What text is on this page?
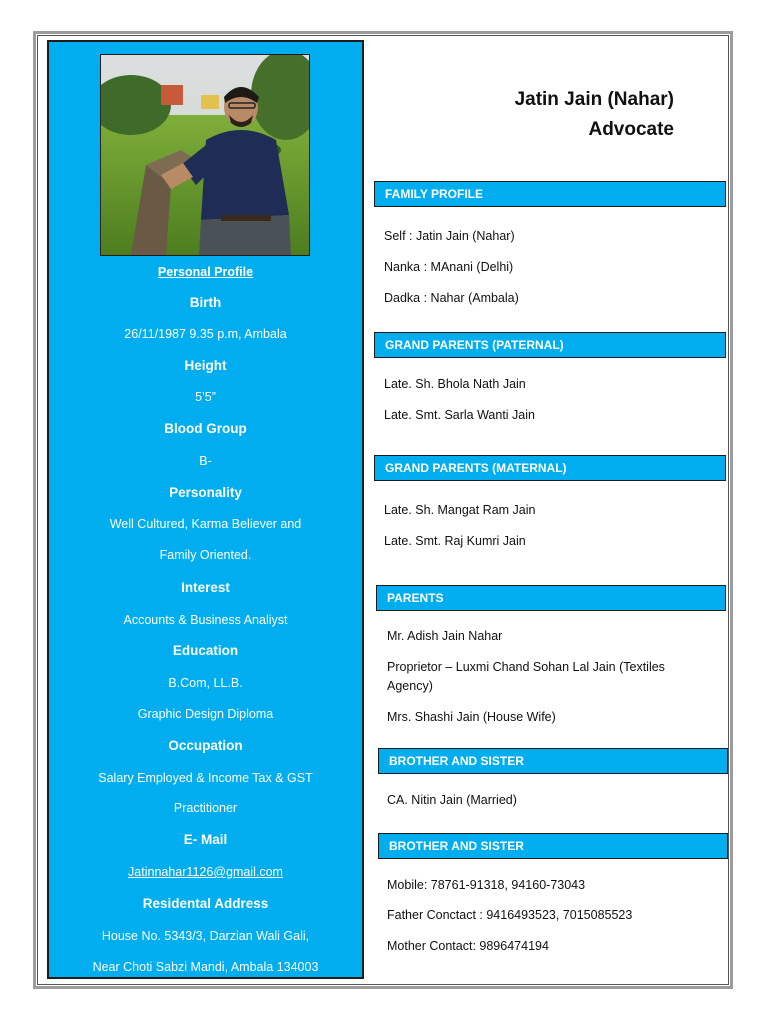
Personal Profile
Birth
26/11/1987 9.35 p.m, Ambala
Height
5’5”
Blood Group
B-
Personality
Well Cultured, Karma Believer and
Family Oriented.
Interest
Accounts & Business Analiyst
Education
B.Com, LL.B.
Graphic Design Diploma
Occupation
Salary Employed & Income Tax & GST
Practitioner
E- Mail
Jatinnahar1126@gmail.com
Residental Address
House No. 5343/3, Darzian Wali Gali,
Near Choti Sabzi Mandi, Ambala 134003
Jatin Jain (Nahar)
Advocate
FAMILY PROFILE
Self : Jatin Jain (Nahar)
Nanka : MAnani (Delhi)
Dadka : Nahar (Ambala)
GRAND PARENTS (PATERNAL)
Late. Sh. Bhola Nath Jain
Late. Smt. Sarla Wanti Jain
GRAND PARENTS (MATERNAL)
Late. Sh. Mangat Ram Jain
Late. Smt. Raj Kumri Jain
PARENTS
Mr. Adish Jain Nahar
Proprietor – Luxmi Chand Sohan Lal Jain (Textiles
Agency)
Mrs. Shashi Jain (House Wife)
BROTHER AND SISTER
CA. Nitin Jain (Married)
BROTHER AND SISTER
Mobile: 78761-91318, 94160-73043
Father Conctact : 9416493523, 7015085523
Mother Contact: 9896474194
